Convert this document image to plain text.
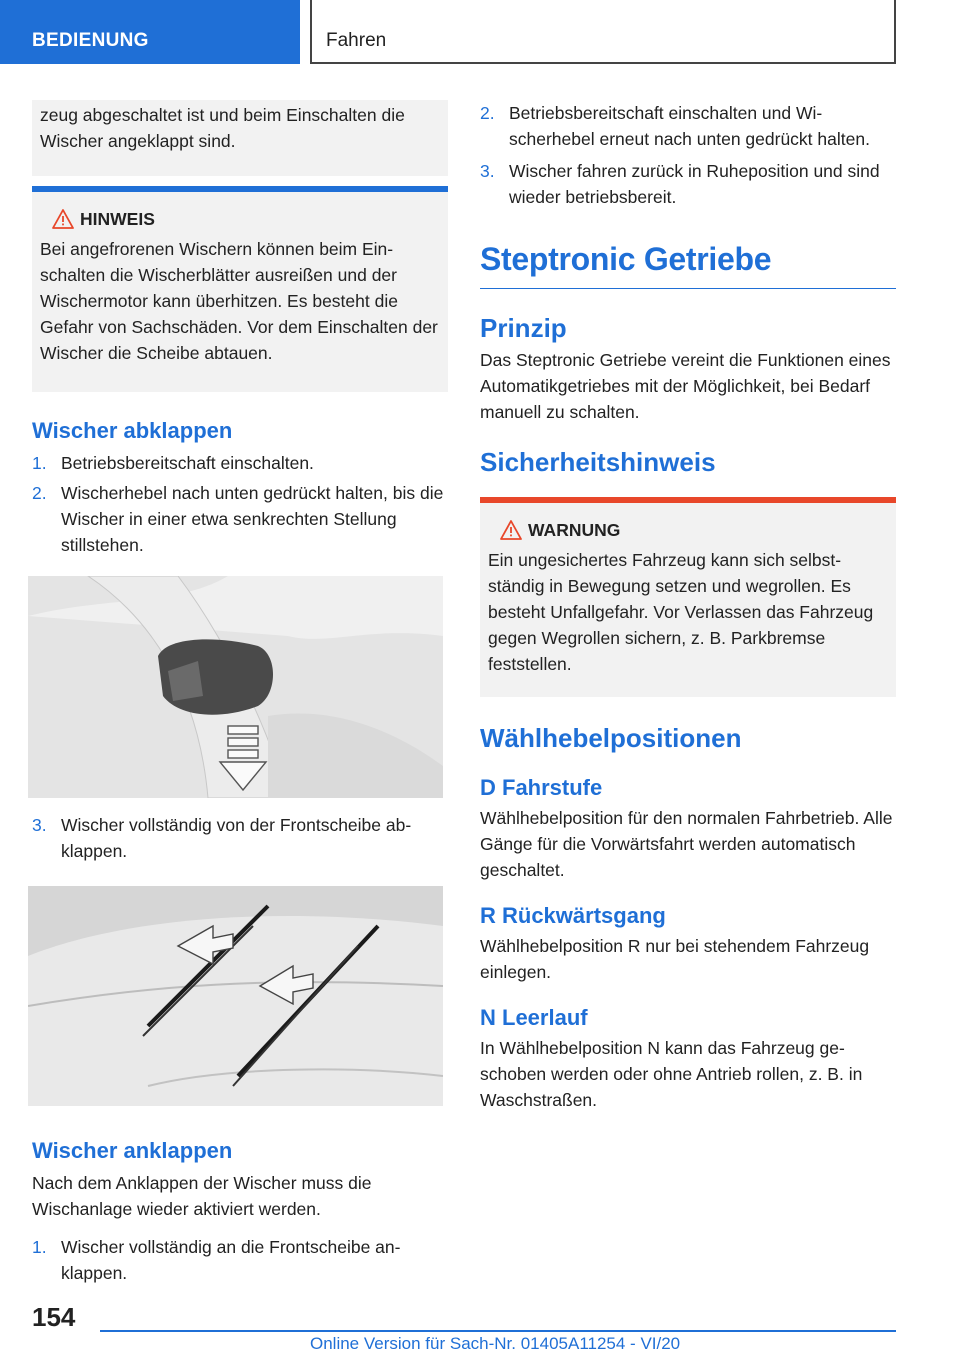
BEDIENUNG	Fahren

zeug abgeschaltet ist und beim Einschalten die Wischer angeklappt sind.

HINWEIS

Bei angefrorenen Wischern können beim Einschalten die Wischerblätter ausreißen und der Wischermotor kann überhitzen. Es besteht die Gefahr von Sachschäden. Vor dem Einschalten der Wischer die Scheibe abtauen.

Wischer abklappen
1. Betriebsbereitschaft einschalten.

2. Wischerhebel nach unten gedrückt halten, bis die Wischer in einer etwa senkrechten Stellung stillstehen.

3. Wischer vollständig von der Frontscheibe abklappen.

Wischer anklappen

Nach dem Anklappen der Wischer muss die Wischanlage wieder aktiviert werden.

1. Wischer vollständig an die Frontscheibe anklappen.

2. Betriebsbereitschaft einschalten und Wischerhebel erneut nach unten gedrückt halten.

3. Wischer fahren zurück in Ruheposition und sind wieder betriebsbereit.

Steptronic Getriebe
Prinzip

Das Steptronic Getriebe vereint die Funktionen eines Automatikgetriebes mit der Möglichkeit, bei Bedarf manuell zu schalten.

Sicherheitshinweis
WARNUNG

Ein ungesichertes Fahrzeug kann sich selbstständig in Bewegung setzen und wegrollen. Es besteht Unfallgefahr. Vor Verlassen das Fahrzeug gegen Wegrollen sichern, z. B. Parkbremse feststellen.

Wählhebelpositionen
D Fahrstufe

Wählhebelposition für den normalen Fahrbetrieb. Alle Gänge für die Vorwärtsfahrt werden automatisch geschaltet.

R Rückwärtsgang

Wählhebelposition R nur bei stehendem Fahrzeug einlegen.

N Leerlauf

In Wählhebelposition N kann das Fahrzeug geschoben werden oder ohne Antrieb rollen, z. B. in Waschstraßen.

154
Online Version für Sach-Nr. 01405A11254 - VI/20
